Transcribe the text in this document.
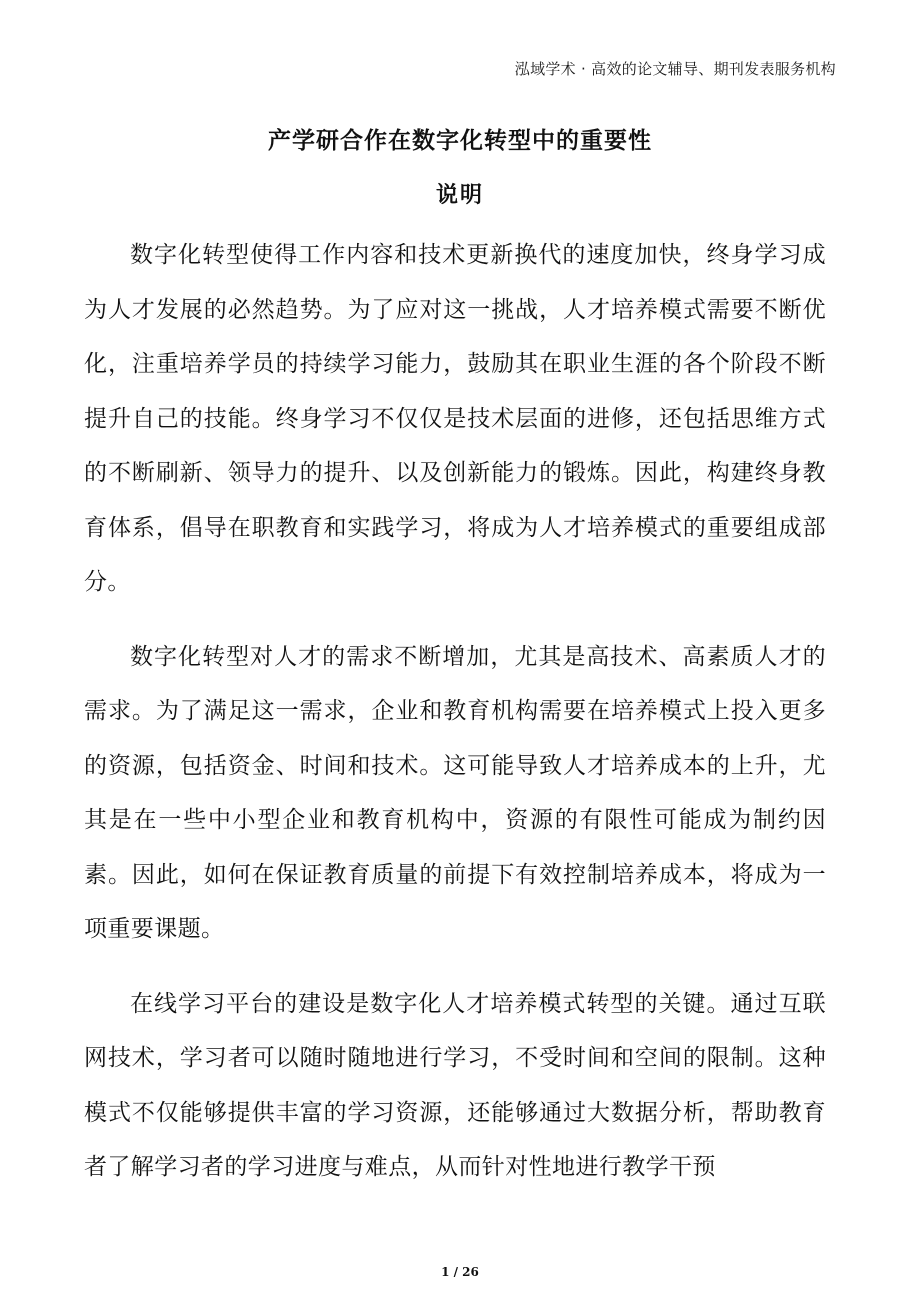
泓域学术 · 高效的论文辅导、期刊发表服务机构
产学研合作在数字化转型中的重要性
说明

数字化转型使得工作内容和技术更新换代的速度加快，终身学习成为人才发展的必然趋势。为了应对这一挑战，人才培养模式需要不断优化，注重培养学员的持续学习能力，鼓励其在职业生涯的各个阶段不断提升自己的技能。终身学习不仅仅是技术层面的进修，还包括思维方式的不断刷新、领导力的提升、以及创新能力的锻炼。因此，构建终身教育体系，倡导在职教育和实践学习，将成为人才培养模式的重要组成部分。

数字化转型对人才的需求不断增加，尤其是高技术、高素质人才的需求。为了满足这一需求，企业和教育机构需要在培养模式上投入更多的资源，包括资金、时间和技术。这可能导致人才培养成本的上升，尤其是在一些中小型企业和教育机构中，资源的有限性可能成为制约因素。因此，如何在保证教育质量的前提下有效控制培养成本，将成为一项重要课题。

在线学习平台的建设是数字化人才培养模式转型的关键。通过互联网技术，学习者可以随时随地进行学习，不受时间和空间的限制。这种模式不仅能够提供丰富的学习资源，还能够通过大数据分析，帮助教育者了解学习者的学习进度与难点，从而针对性地进行教学干预

1 / 26
